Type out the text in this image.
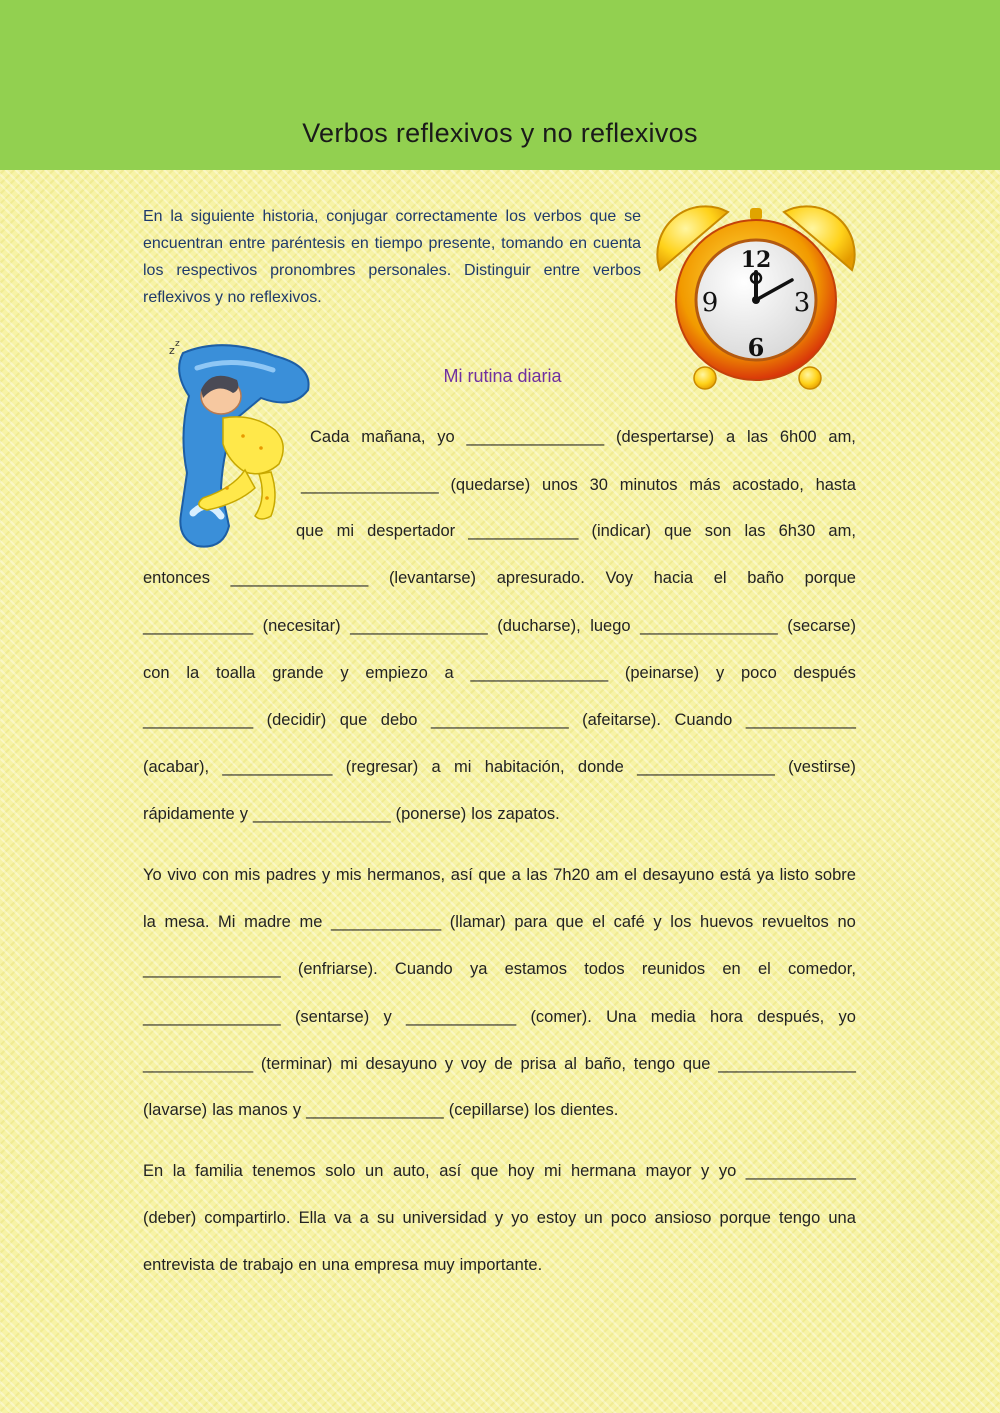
Verbos reflexivos y no reflexivos
En la siguiente historia, conjugar correctamente los verbos que se encuentran entre paréntesis en tiempo presente, tomando en cuenta los respectivos pronombres personales. Distinguir entre verbos reflexivos y no reflexivos.
12
3
6
9
z z
Mi rutina diaria
Cada mañana, yo _______________ (despertarse) a las 6h00 am,
_______________ (quedarse) unos 30 minutos más acostado, hasta
que mi despertador ____________ (indicar) que son las 6h30 am,
entonces _______________ (levantarse) apresurado. Voy hacia el baño porque
____________ (necesitar) _______________ (ducharse), luego _______________ (secarse)
con la toalla grande y empiezo a _______________ (peinarse) y poco después
____________ (decidir) que debo _______________ (afeitarse). Cuando ____________
(acabar), ____________ (regresar) a mi habitación, donde _______________ (vestirse)
rápidamente y _______________ (ponerse) los zapatos.
Yo vivo con mis padres y mis hermanos, así que a las 7h20 am el desayuno está ya listo sobre
la mesa. Mi madre me ____________ (llamar) para que el café y los huevos revueltos no
_______________ (enfriarse). Cuando ya estamos todos reunidos en el comedor,
_______________ (sentarse) y ____________ (comer). Una media hora después, yo
____________ (terminar) mi desayuno y voy de prisa al baño, tengo que _______________
(lavarse) las manos y _______________ (cepillarse) los dientes.
En la familia tenemos solo un auto, así que hoy mi hermana mayor y yo ____________
(deber) compartirlo. Ella va a su universidad y yo estoy un poco ansioso porque tengo una
entrevista de trabajo en una empresa muy importante.
